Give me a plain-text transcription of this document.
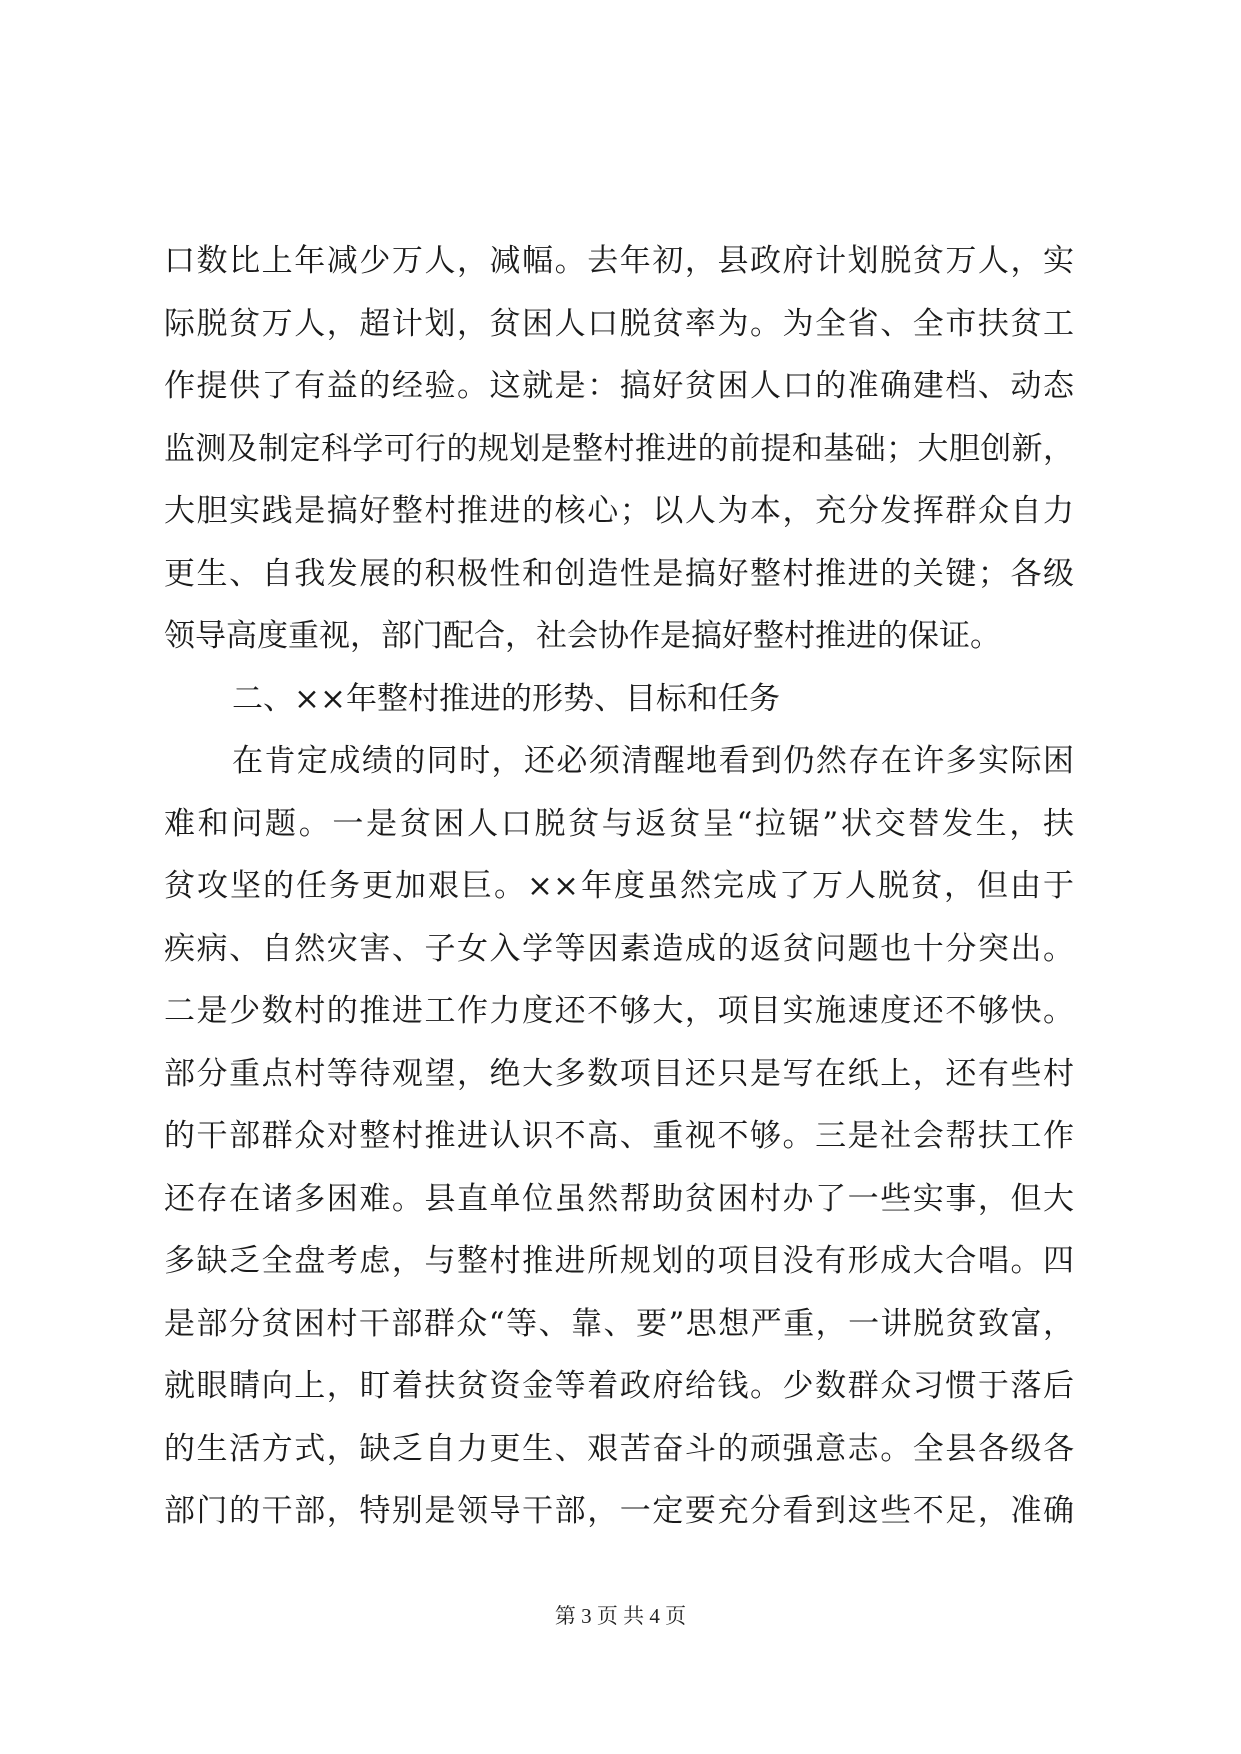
口数比上年减少万人，减幅。去年初，县政府计划脱贫万人，实
际脱贫万人，超计划，贫困人口脱贫率为。为全省、全市扶贫工
作提供了有益的经验。这就是：搞好贫困人口的准确建档、动态
监测及制定科学可行的规划是整村推进的前提和基础；大胆创新，
大胆实践是搞好整村推进的核心；以人为本，充分发挥群众自力
更生、自我发展的积极性和创造性是搞好整村推进的关键；各级
领导高度重视，部门配合，社会协作是搞好整村推进的保证。
二、××年整村推进的形势、目标和任务
在肯定成绩的同时，还必须清醒地看到仍然存在许多实际困
难和问题。一是贫困人口脱贫与返贫呈“拉锯”状交替发生，扶
贫攻坚的任务更加艰巨。××年度虽然完成了万人脱贫，但由于
疾病、自然灾害、子女入学等因素造成的返贫问题也十分突出。
二是少数村的推进工作力度还不够大，项目实施速度还不够快。
部分重点村等待观望，绝大多数项目还只是写在纸上，还有些村
的干部群众对整村推进认识不高、重视不够。三是社会帮扶工作
还存在诸多困难。县直单位虽然帮助贫困村办了一些实事，但大
多缺乏全盘考虑，与整村推进所规划的项目没有形成大合唱。四
是部分贫困村干部群众“等、靠、要”思想严重，一讲脱贫致富，
就眼睛向上，盯着扶贫资金等着政府给钱。少数群众习惯于落后
的生活方式，缺乏自力更生、艰苦奋斗的顽强意志。全县各级各
部门的干部，特别是领导干部，一定要充分看到这些不足，准确
第 3 页 共 4 页
